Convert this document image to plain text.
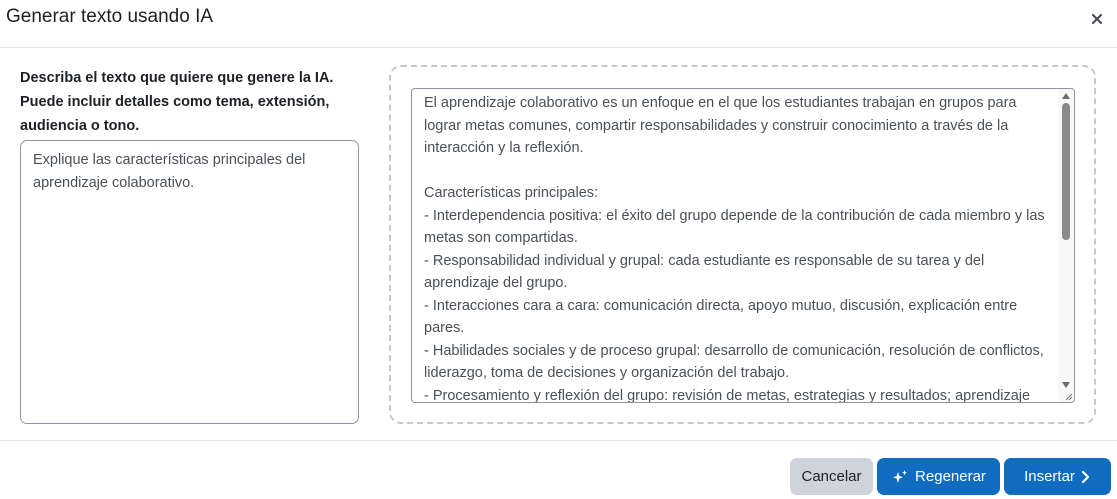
Generar texto usando IA
Describa el texto que quiere que genere la IA. Puede incluir detalles como tema, extensión, audiencia o tono.
Explique las características principales del aprendizaje colaborativo.
El aprendizaje colaborativo es un enfoque en el que los estudiantes trabajan en grupos para lograr metas comunes, compartir responsabilidades y construir conocimiento a través de la interacción y la reflexión.

Características principales:
- Interdependencia positiva: el éxito del grupo depende de la contribución de cada miembro y las metas son compartidas.
- Responsabilidad individual y grupal: cada estudiante es responsable de su tarea y del aprendizaje del grupo.
- Interacciones cara a cara: comunicación directa, apoyo mutuo, discusión, explicación entre pares.
- Habilidades sociales y de proceso grupal: desarrollo de comunicación, resolución de conflictos, liderazgo, toma de decisiones y organización del trabajo.
- Procesamiento y reflexión del grupo: revisión de metas, estrategias y resultados; aprendizaje
Cancelar	Regenerar	Insertar
